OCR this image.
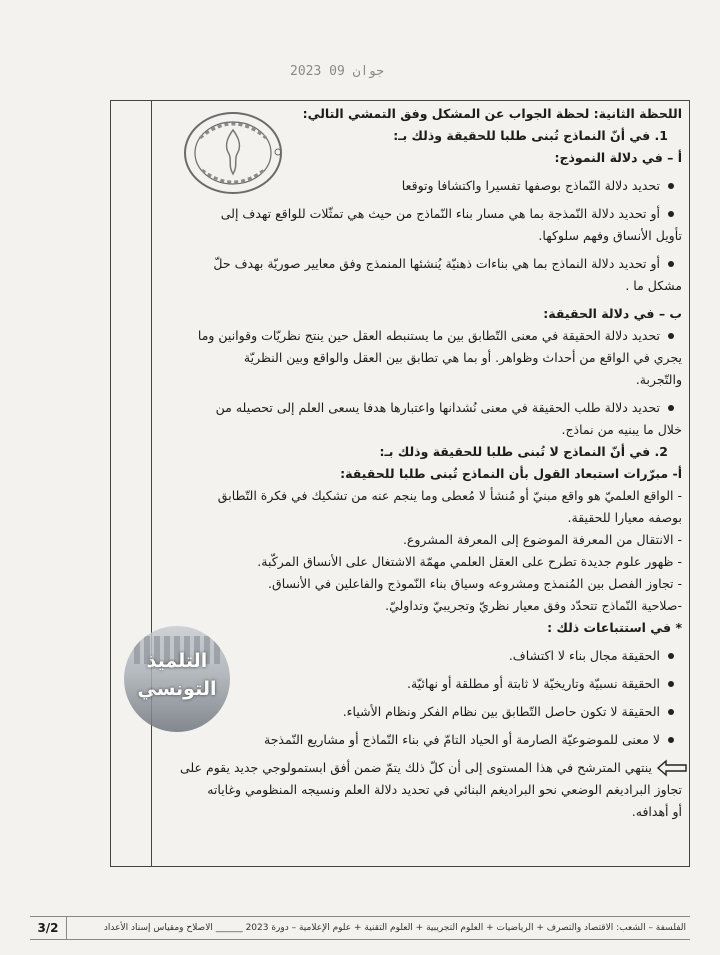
2023 جوان 09
اللحظة الثانية: لحظة الجواب عن المشكل وفق التمشي التالي:
1. في أنّ النماذج تُبنى طلبا للحقيقة وذلك بـ:
أ – في دلالة النموذج:
تحديد دلالة النّماذج بوصفها تفسيرا واكتشافا وتوقعا
أو تحديد دلالة النّمذجة بما هي مسار بناء النّماذج من حيث هي تمثّلات للواقع تهدف إلى
تأويل الأنساق وفهم سلوكها.
أو تحديد دلالة النماذج بما هي بناءات ذهنيّة يُنشئها المنمذج وفق معايير صوريّة بهدف حلّ
مشكل ما .
ب – في دلالة الحقيقة:
تحديد دلالة الحقيقة في معنى التّطابق بين ما يستنبطه العقل حين ينتج نظريّات وقوانين وما
يجري في الواقع من أحداث وظواهر. أو بما هي تطابق بين العقل والواقع وبين النظريّة
والتّجربة.
تحديد دلالة طلب الحقيقة في معنى نُشدانها واعتبارها هدفا يسعى العلم إلى تحصيله من
خلال ما يبنيه من نماذج.
2. في أنّ النماذج لا تُبنى طلبا للحقيقة وذلك بـ:
أ- مبرّرات استبعاد القول بأن النماذج تُبنى طلبا للحقيقة:
- الواقع العلميّ هو واقع مبنيّ أو مُنشأ لا مُعطى وما ينجم عنه من تشكيك في فكرة التّطابق
بوصفه معيارا للحقيقة.
- الانتقال من المعرفة الموضوع إلى المعرفة المشروع.
- ظهور علوم جديدة تطرح على العقل العلمي مهمّة الاشتغال على الأنساق المركّبة.
- تجاوز الفصل بين المُنمذج ومشروعه وسياق بناء النّموذج والفاعلين في الأنساق.
-صلاحية النّماذج تتحدّد وفق معيار نظريّ وتجريبيّ وتداوليّ.
* في استتباعات ذلك :
الحقيقة مجال بناء لا اكتشاف.
الحقيقة نسبيّة وتاريخيّة لا ثابتة أو مطلقة أو نهائيّة.
الحقيقة لا تكون حاصل التّطابق بين نظام الفكر ونظام الأشياء.
لا معنى للموضوعيّة الصارمة أو الحياد التامّ في بناء النّماذج أو مشاريع النّمذجة
ينتهي المترشح في هذا المستوى إلى أن كلّ ذلك يتمّ ضمن أفق ابستمولوجي جديد يقوم على
تجاوز البراديغم الوضعي نحو البراديغم البنائي في تحديد دلالة العلم ونسيجه المنظومي وغاياته
أو أهدافه.
التلميذ
التونسي
3/2	الفلسفة – الشعب: الاقتصاد والتصرف + الرياضيات + العلوم التجريبية + العلوم التقنية + علوم الإعلامية – دورة 2023 ______ الاصلاح ومقياس إسناد الأعداد
